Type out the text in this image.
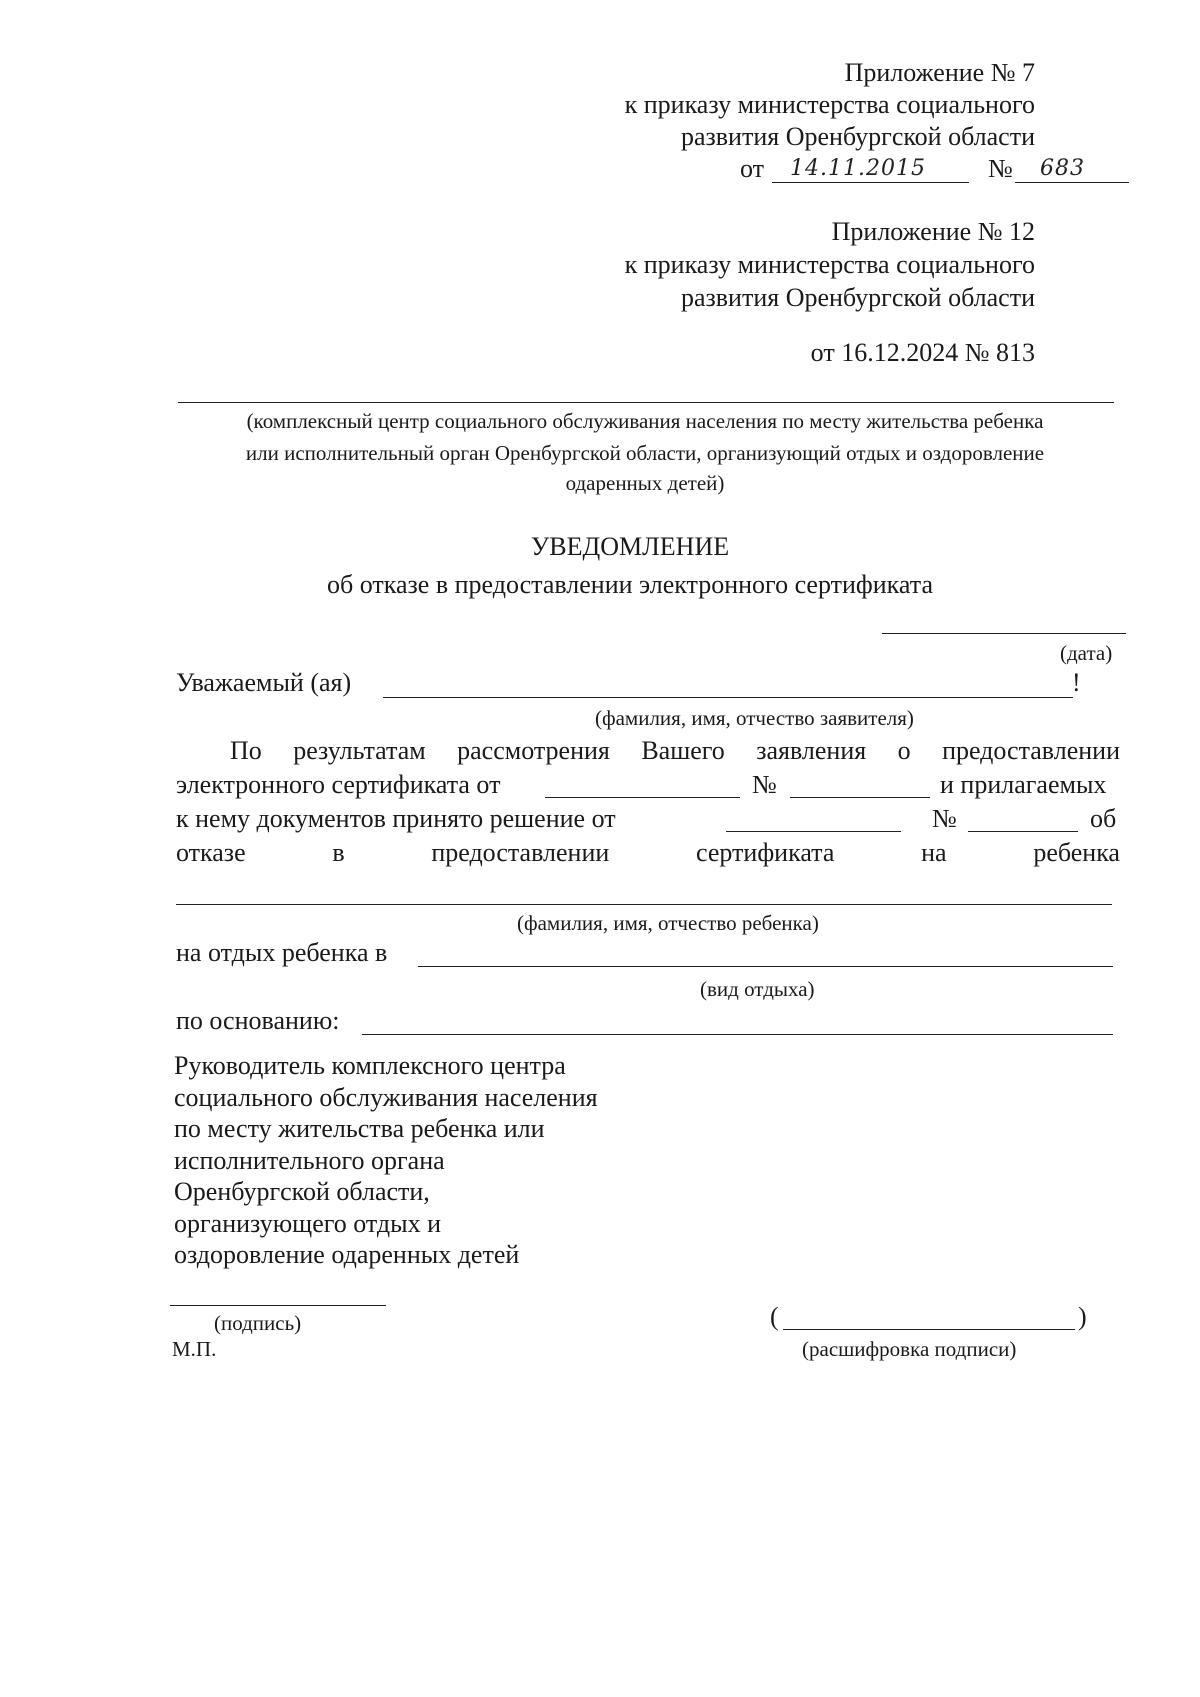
Приложение № 7
к приказу министерства социального
развития Оренбургской области
от 14.11.2015 № 683
Приложение № 12
к приказу министерства социального
развития Оренбургской области
от 16.12.2024 № 813
(комплексный центр социального обслуживания населения по месту жительства ребенка
или исполнительный орган Оренбургской области, организующий отдых и оздоровление
одаренных детей)
УВЕДОМЛЕНИЕ
об отказе в предоставлении электронного сертификата
(дата)
Уважаемый (ая)	!
(фамилия, имя, отчество заявителя)
По результатам рассмотрения Вашего заявления о предоставлении
электронного сертификата от	№	и прилагаемых
к нему документов принято решение от	№	об
отказе	в	предоставлении	сертификата	на	ребенка
(фамилия, имя, отчество ребенка)
на отдых ребенка в
(вид отдыха)
по основанию:
Руководитель комплексного центра
социального обслуживания населения
по месту жительства ребенка или
исполнительного органа
Оренбургской области,
организующего отдых и
оздоровление одаренных детей
(подпись)
М.П.
(	)
(расшифровка подписи)
